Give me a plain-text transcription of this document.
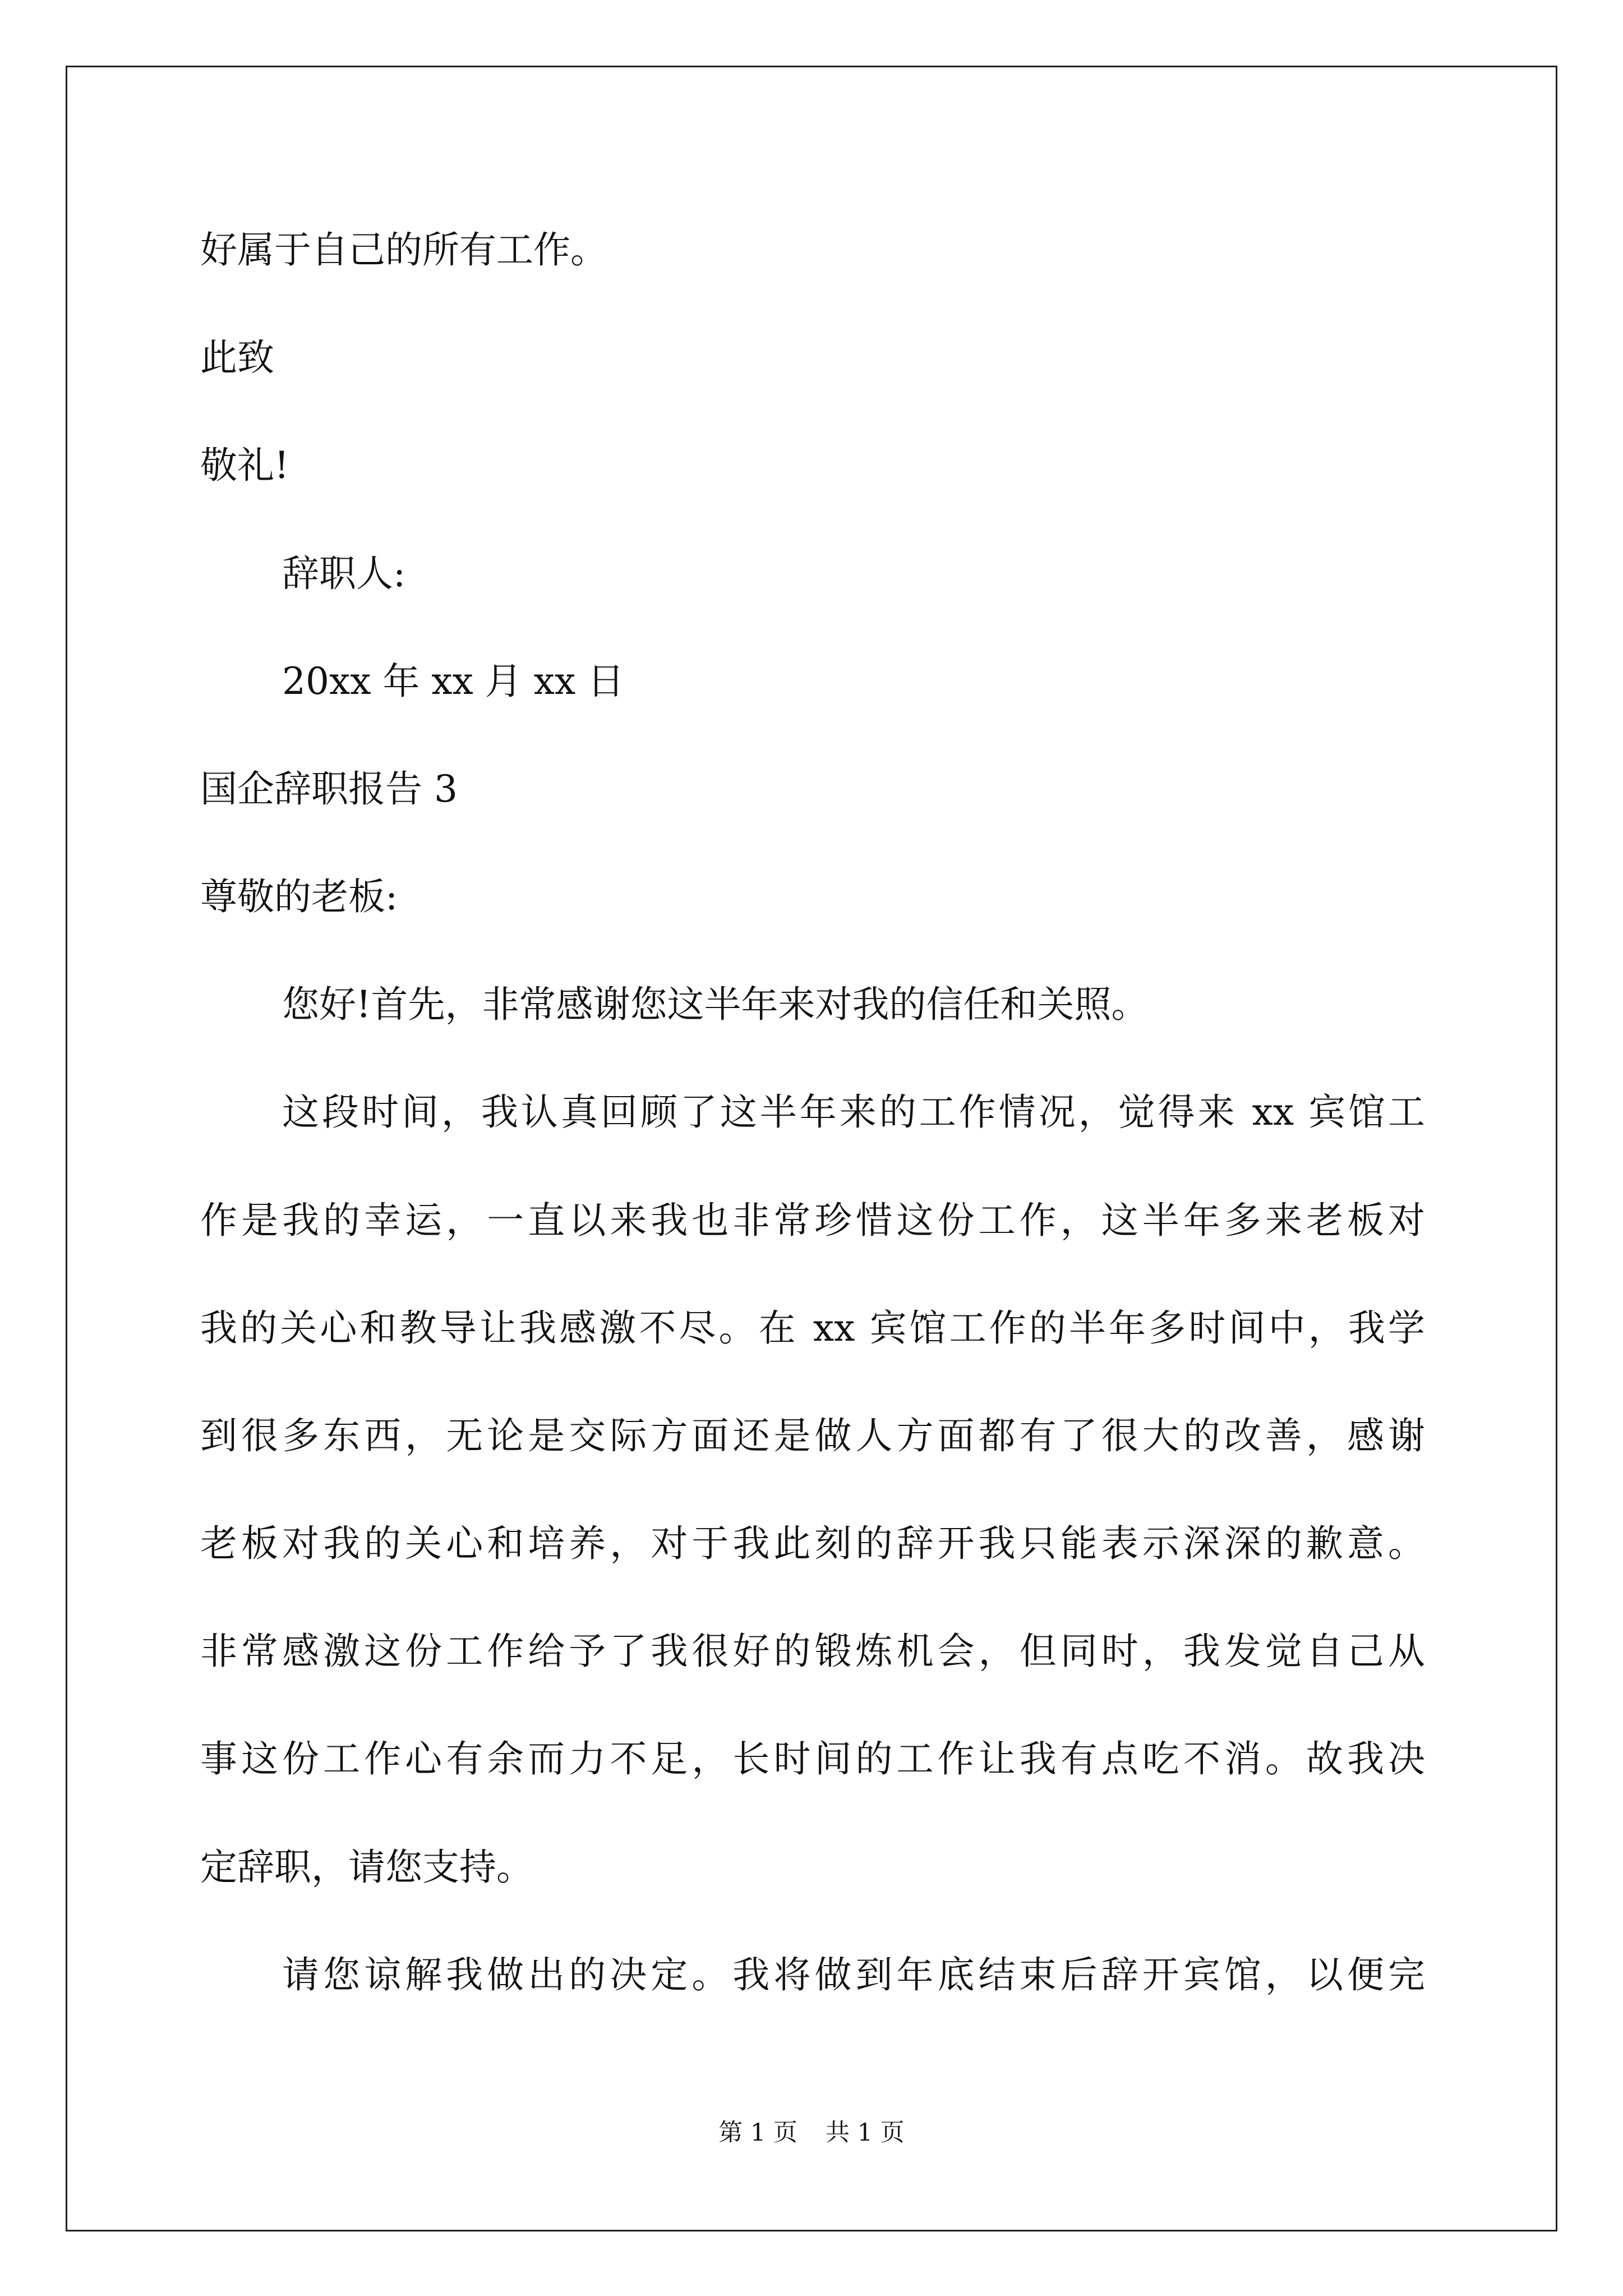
好属于自己的所有工作。
此致
敬礼!
辞职人:
20xx 年 xx 月 xx 日
国企辞职报告 3
尊敬的老板:
您好!首先，非常感谢您这半年来对我的信任和关照。
这段时间，我认真回顾了这半年来的工作情况，觉得来 xx 宾馆工
作是我的幸运，一直以来我也非常珍惜这份工作，这半年多来老板对
我的关心和教导让我感激不尽。在 xx 宾馆工作的半年多时间中，我学
到很多东西，无论是交际方面还是做人方面都有了很大的改善，感谢
老板对我的关心和培养，对于我此刻的辞开我只能表示深深的歉意。
非常感激这份工作给予了我很好的锻炼机会，但同时，我发觉自己从
事这份工作心有余而力不足，长时间的工作让我有点吃不消。故我决
定辞职，请您支持。
请您谅解我做出的决定。我将做到年底结束后辞开宾馆，以便完
第 1 页 共 1 页
